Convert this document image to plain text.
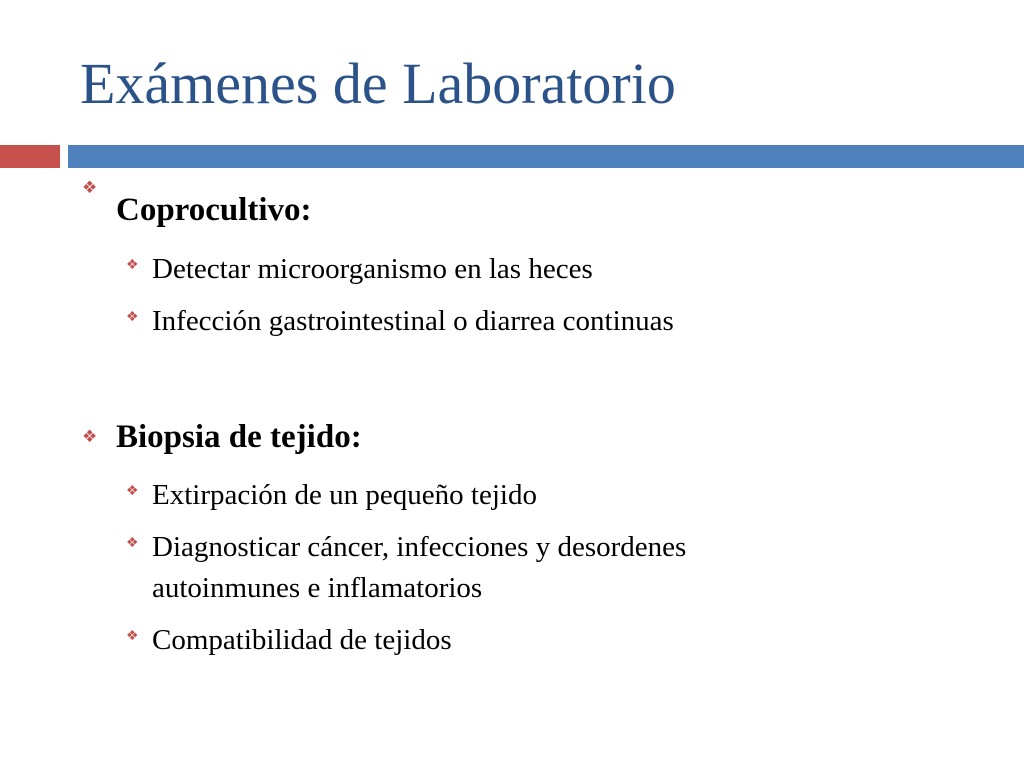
Exámenes de Laboratorio
❖
Coprocultivo:
❖ Detectar microorganismo en las heces
❖ Infección gastrointestinal o diarrea continuas
❖ Biopsia de tejido:
❖ Extirpación de un pequeño tejido
❖ Diagnosticar cáncer, infecciones y desordenes
autoinmunes e inflamatorios
❖ Compatibilidad de tejidos
